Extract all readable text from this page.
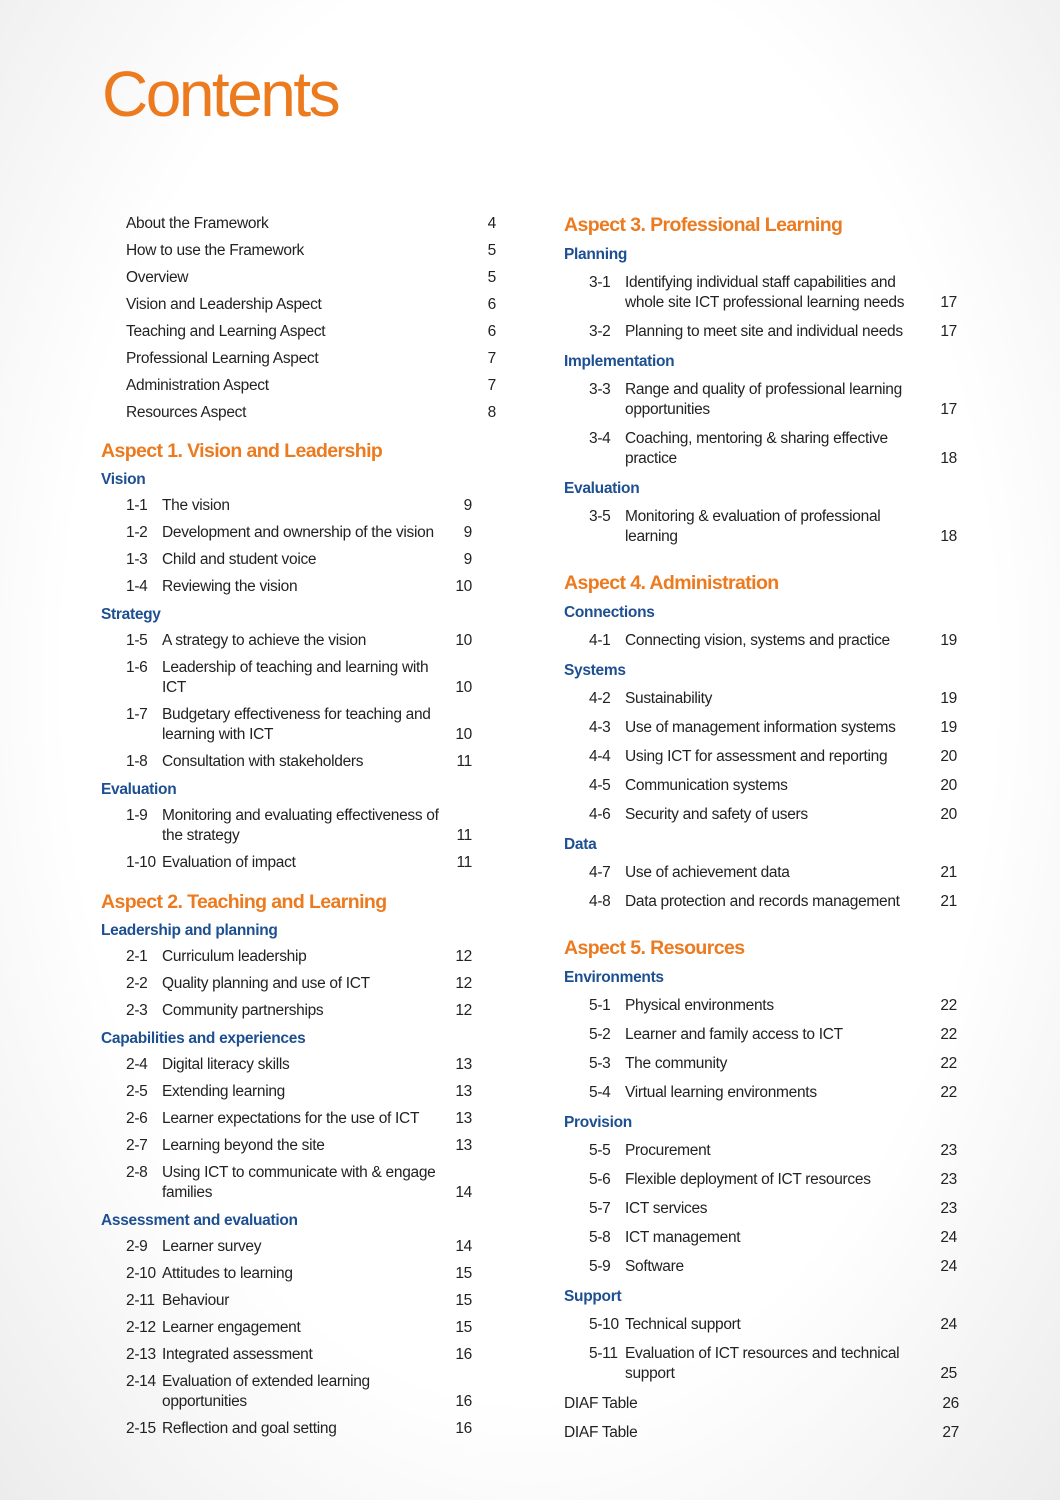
Contents
About the Framework	4
How to use the Framework	5
Overview	5
Vision and Leadership Aspect	6
Teaching and Learning Aspect	6
Professional Learning Aspect	7
Administration Aspect	7
Resources Aspect	8
Aspect 1. Vision and Leadership
Vision
1-1 The vision	9
1-2 Development and ownership of the vision	9
1-3 Child and student voice	9
1-4 Reviewing the vision	10
Strategy
1-5 A strategy to achieve the vision	10
1-6 Leadership of teaching and learning with ICT	10
1-7 Budgetary effectiveness for teaching and learning with ICT	10
1-8 Consultation with stakeholders	11
Evaluation
1-9 Monitoring and evaluating effectiveness of the strategy	11
1-10 Evaluation of impact	11
Aspect 2. Teaching and Learning
Leadership and planning
2-1 Curriculum leadership	12
2-2 Quality planning and use of ICT	12
2-3 Community partnerships	12
Capabilities and experiences
2-4 Digital literacy skills	13
2-5 Extending learning	13
2-6 Learner expectations for the use of ICT	13
2-7 Learning beyond the site	13
2-8 Using ICT to communicate with & engage families	14
Assessment and evaluation
2-9 Learner survey	14
2-10 Attitudes to learning	15
2-11 Behaviour	15
2-12 Learner engagement	15
2-13 Integrated assessment	16
2-14 Evaluation of extended learning opportunities	16
2-15 Reflection and goal setting	16
Aspect 3. Professional Learning
Planning
3-1 Identifying individual staff capabilities and whole site ICT professional learning needs	17
3-2 Planning to meet site and individual needs	17
Implementation
3-3 Range and quality of professional learning opportunities	17
3-4 Coaching, mentoring & sharing effective practice	18
Evaluation
3-5 Monitoring & evaluation of professional learning	18
Aspect 4. Administration
Connections
4-1 Connecting vision, systems and practice	19
Systems
4-2 Sustainability	19
4-3 Use of management information systems	19
4-4 Using ICT for assessment and reporting	20
4-5 Communication systems	20
4-6 Security and safety of users	20
Data
4-7 Use of achievement data	21
4-8 Data protection and records management	21
Aspect 5. Resources
Environments
5-1 Physical environments	22
5-2 Learner and family access to ICT	22
5-3 The community	22
5-4 Virtual learning environments	22
Provision
5-5 Procurement	23
5-6 Flexible deployment of ICT resources	23
5-7 ICT services	23
5-8 ICT management	24
5-9 Software	24
Support
5-10 Technical support	24
5-11 Evaluation of ICT resources and technical support	25
DIAF Table	26
DIAF Table	27
